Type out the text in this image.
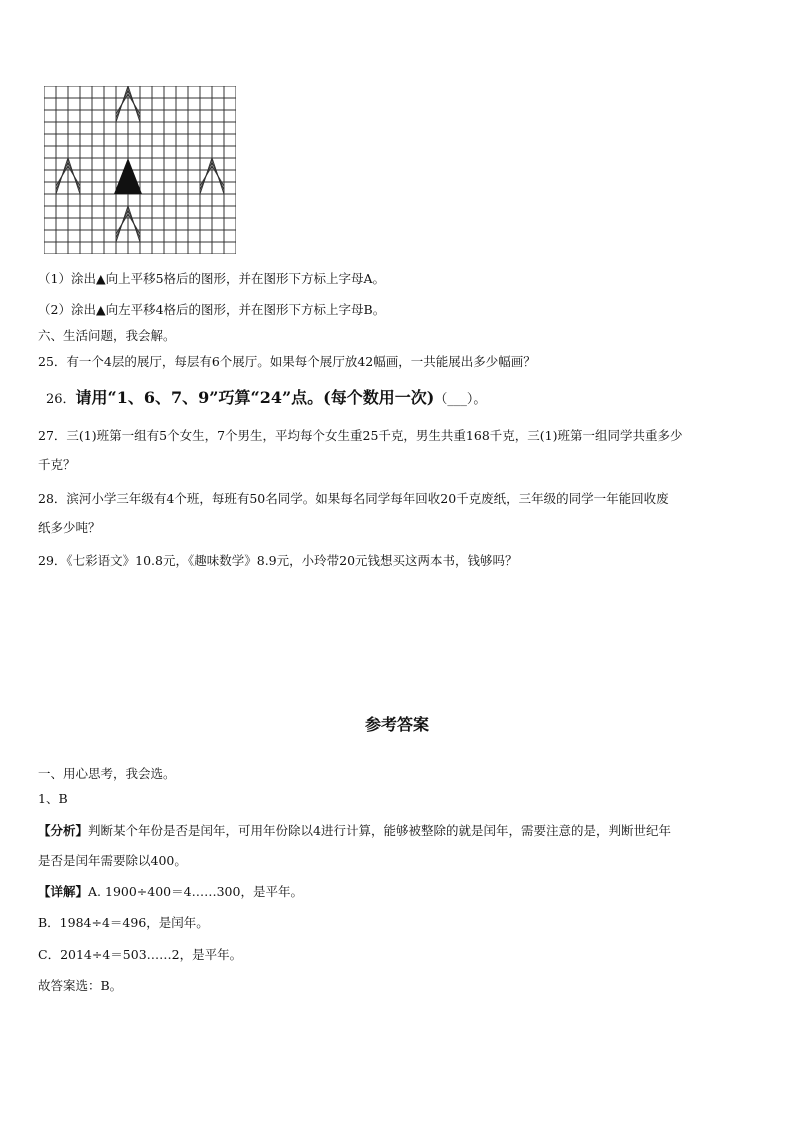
（1）涂出▲向上平移5格后的图形，并在图形下方标上字母A。
（2）涂出▲向左平移4格后的图形，并在图形下方标上字母B。
六、生活问题，我会解。
25．有一个4层的展厅，每层有6个展厅。如果每个展厅放42幅画，一共能展出多少幅画？
26．请用“1、6、7、9”巧算“24”点。(每个数用一次)（___）。
27．三(1)班第一组有5个女生，7个男生，平均每个女生重25千克，男生共重168千克，三(1)班第一组同学共重多少
千克？
28．滨河小学三年级有4个班，每班有50名同学。如果每名同学每年回收20千克废纸，三年级的同学一年能回收废
纸多少吨？
29．《七彩语文》10.8元，《趣味数学》8.9元，小玲带20元钱想买这两本书，钱够吗？
参考答案
一、用心思考，我会选。
1、B
【分析】判断某个年份是否是闰年，可用年份除以4进行计算，能够被整除的就是闰年，需要注意的是，判断世纪年
是否是闰年需要除以400。
【详解】A. 1900÷400＝4……300，是平年。
B．1984÷4＝496，是闰年。
C．2014÷4＝503……2，是平年。
故答案选：B。
